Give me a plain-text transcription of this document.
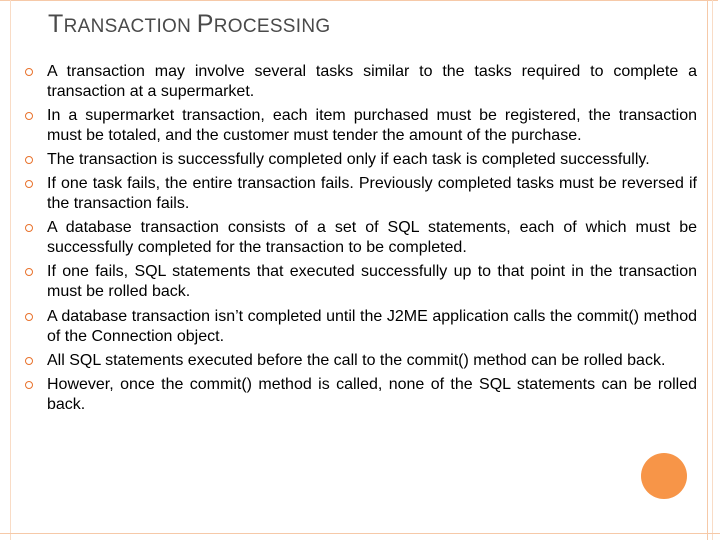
TRANSACTION PROCESSING
A transaction may involve several tasks similar to the tasks required to complete a transaction at a supermarket.
In a supermarket transaction, each item purchased must be registered, the transaction must be totaled, and the customer must tender the amount of the purchase.
The transaction is successfully completed only if each task is completed successfully.
If one task fails, the entire transaction fails. Previously completed tasks must be reversed if the transaction fails.
A database transaction consists of a set of SQL statements, each of which must be successfully completed for the transaction to be completed.
If one fails, SQL statements that executed successfully up to that point in the transaction must be rolled back.
A database transaction isn’t completed until the J2ME application calls the commit() method of the Connection object.
All SQL statements executed before the call to the commit() method can be rolled back.
However, once the commit() method is called, none of the SQL statements can be rolled back.
